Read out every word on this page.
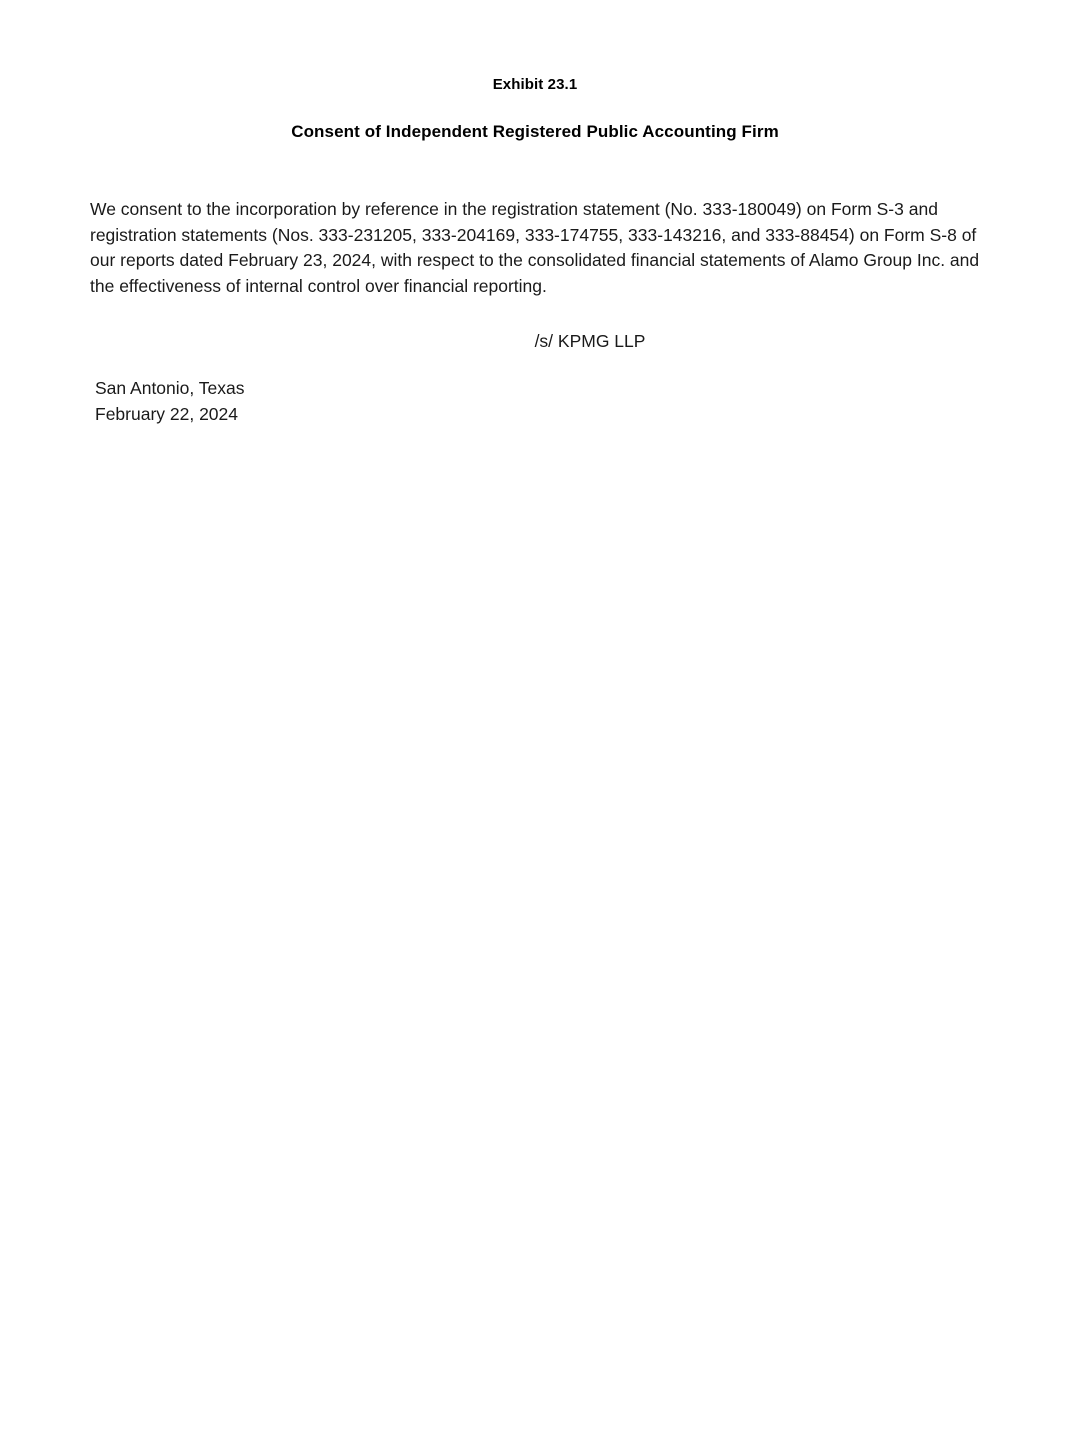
Exhibit 23.1
Consent of Independent Registered Public Accounting Firm

We consent to the incorporation by reference in the registration statement (No. 333-180049) on Form S-3 and registration statements (Nos. 333-231205, 333-204169, 333-174755, 333-143216, and 333-88454) on Form S-8 of our reports dated February 23, 2024, with respect to the consolidated financial statements of Alamo Group Inc. and the effectiveness of internal control over financial reporting.

/s/ KPMG LLP
San Antonio, Texas
February 22, 2024
